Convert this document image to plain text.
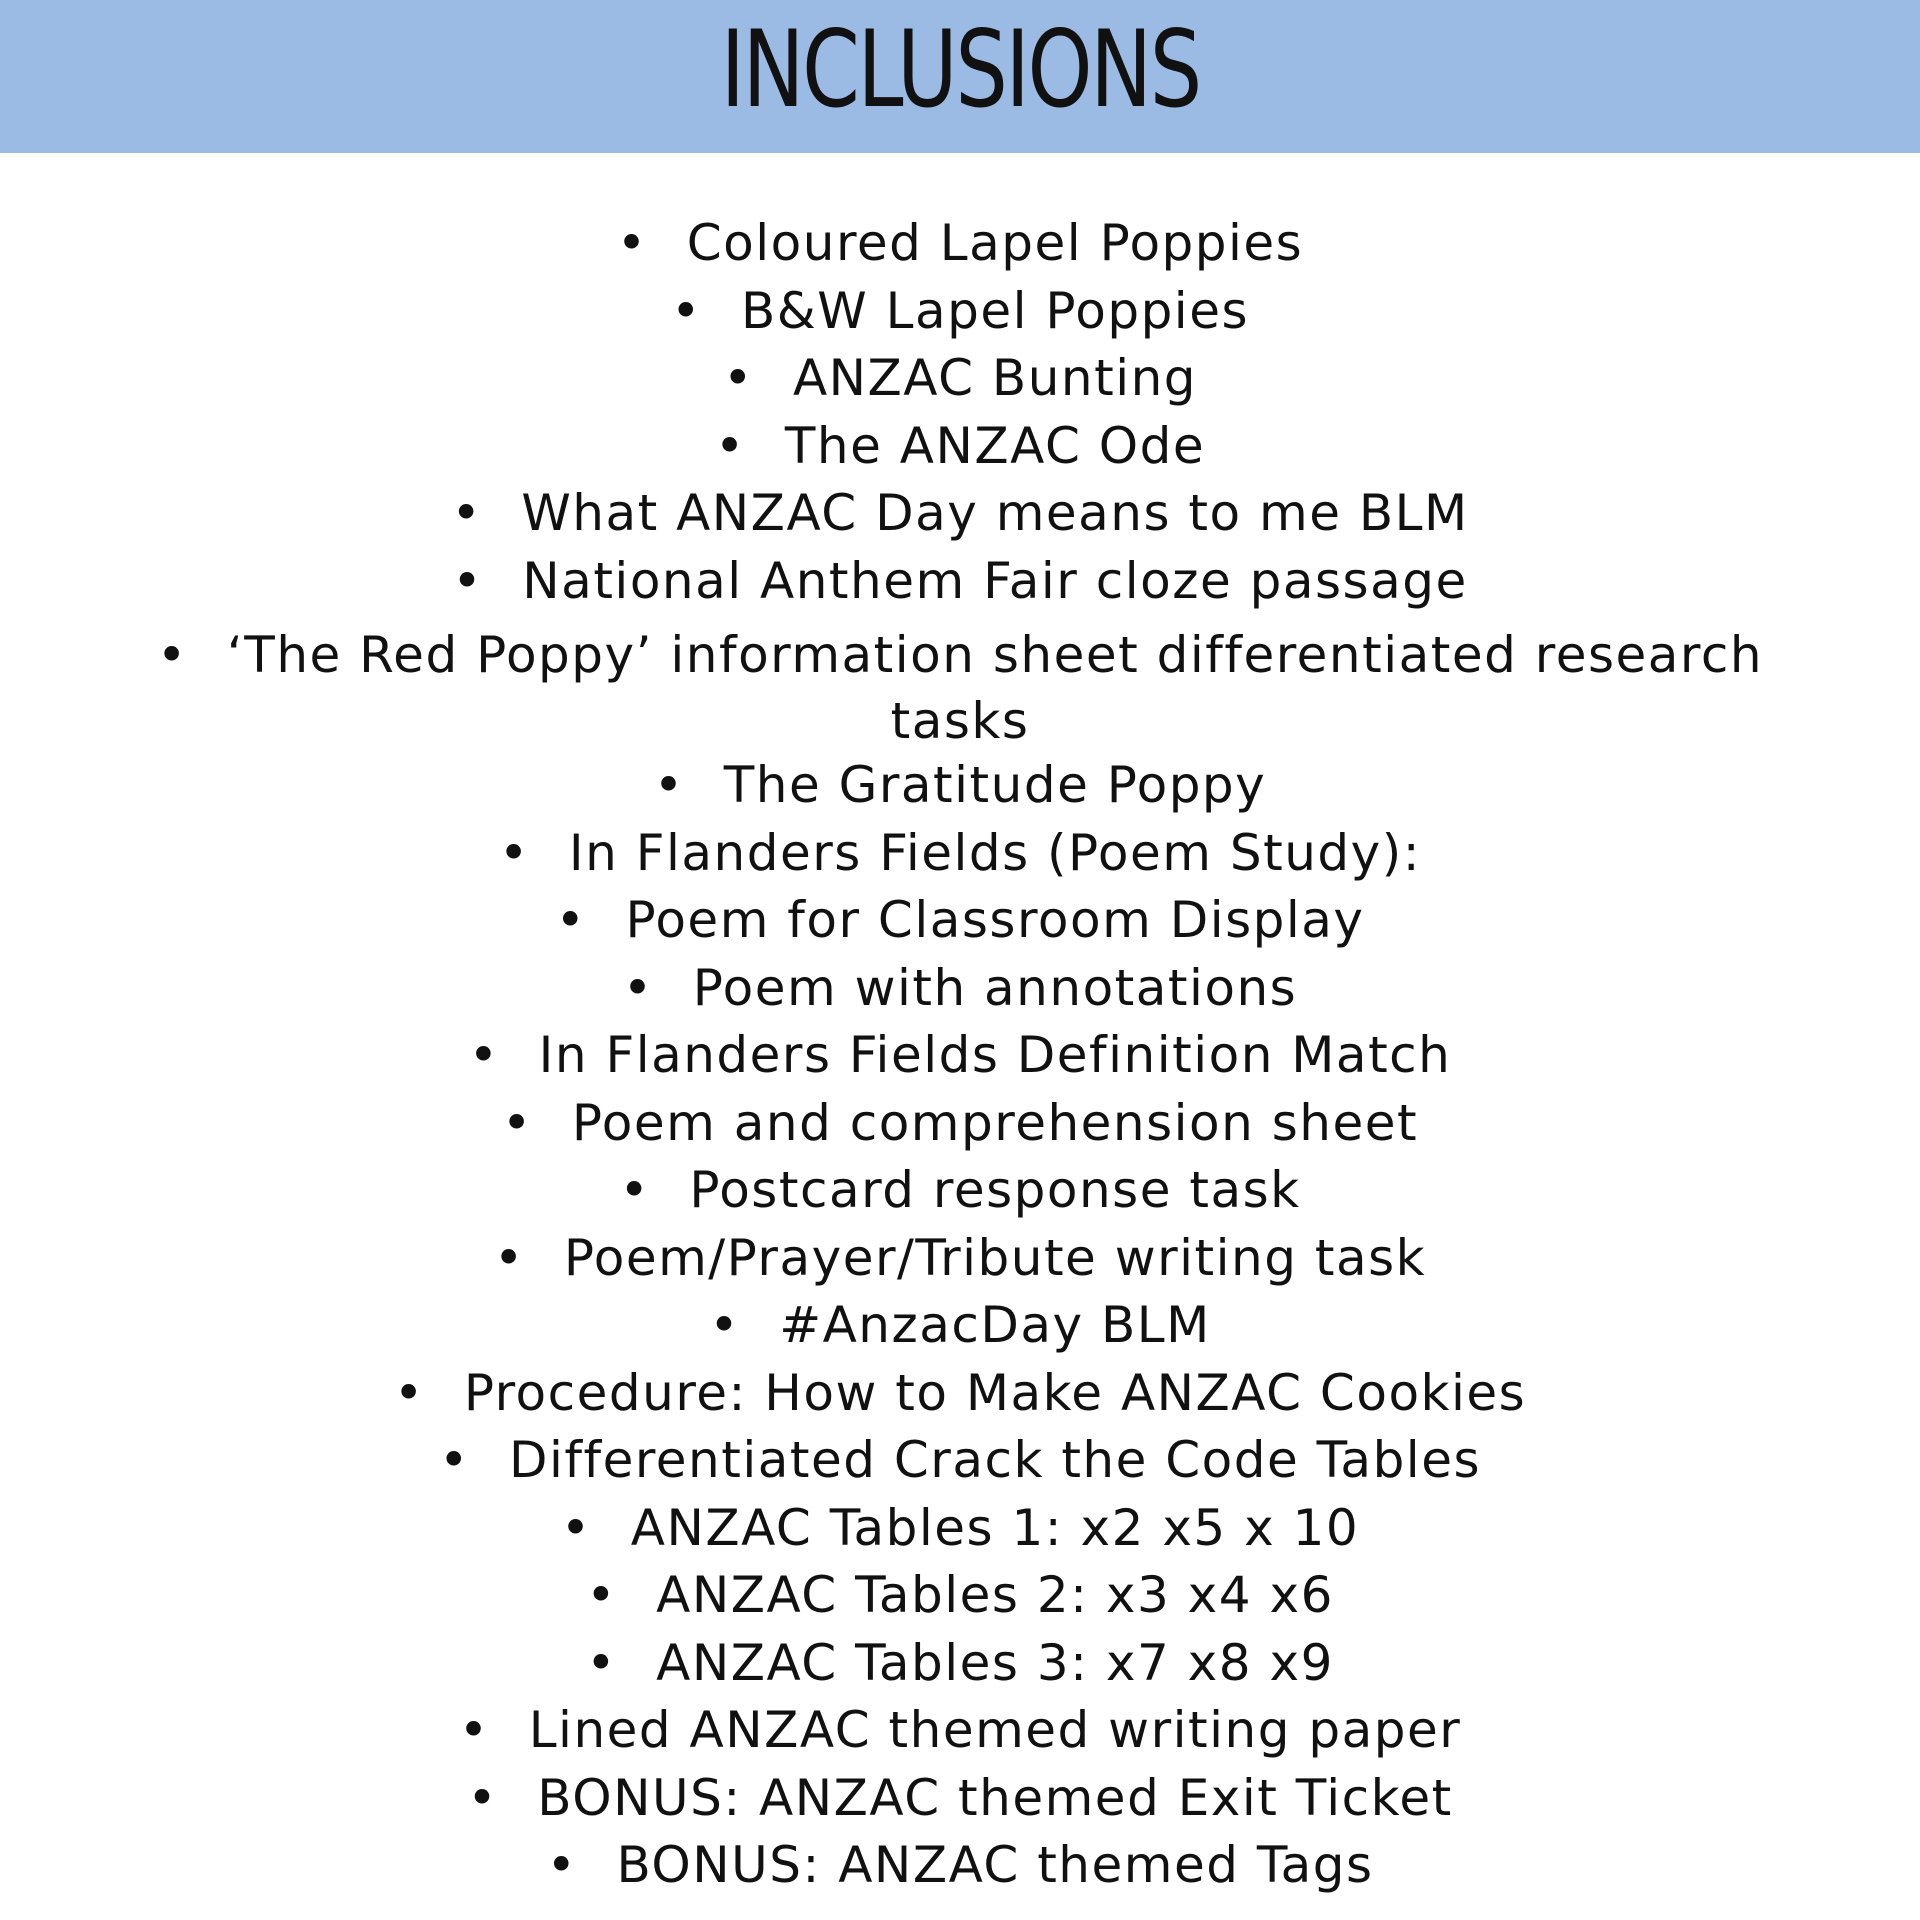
INCLUSIONS
• Coloured Lapel Poppies
• B&W Lapel Poppies
• ANZAC Bunting
• The ANZAC Ode
• What ANZAC Day means to me BLM
• National Anthem Fair cloze passage
• ‘The Red Poppy’ information sheet differentiated research tasks
• The Gratitude Poppy
• In Flanders Fields (Poem Study):
• Poem for Classroom Display
• Poem with annotations
• In Flanders Fields Definition Match
• Poem and comprehension sheet
• Postcard response task
• Poem/Prayer/Tribute writing task
• #AnzacDay BLM
• Procedure: How to Make ANZAC Cookies
• Differentiated Crack the Code Tables
• ANZAC Tables 1: x2 x5 x 10
• ANZAC Tables 2: x3 x4 x6
• ANZAC Tables 3: x7 x8 x9
• Lined ANZAC themed writing paper
• BONUS: ANZAC themed Exit Ticket
• BONUS: ANZAC themed Tags
